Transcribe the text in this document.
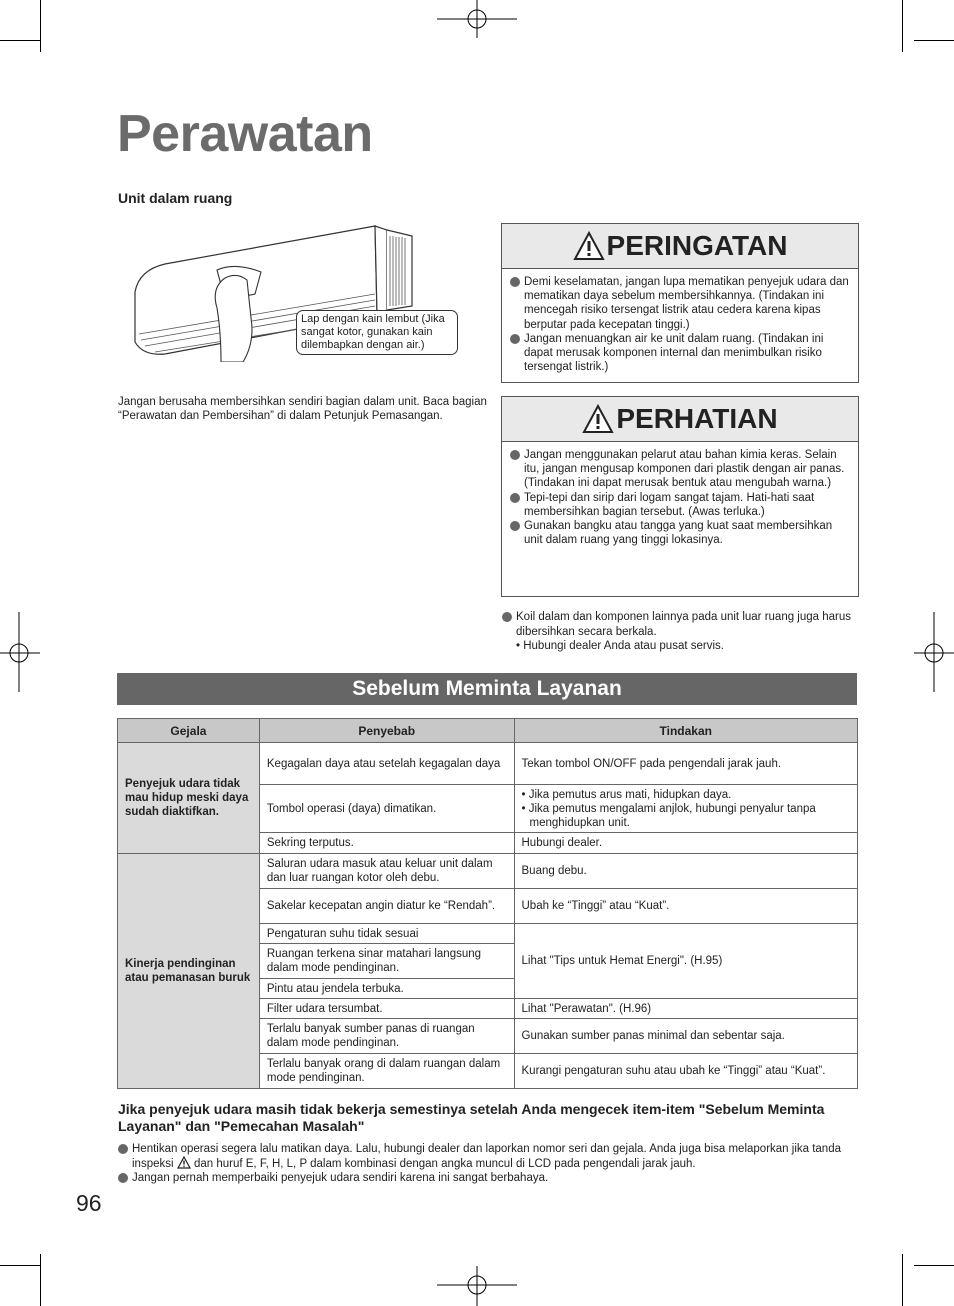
Perawatan
Unit dalam ruang
Lap dengan kain lembut (Jika sangat kotor, gunakan kain dilembapkan dengan air.)
Jangan berusaha membersihkan sendiri bagian dalam unit. Baca bagian “Perawatan dan Pembersihan” di dalam Petunjuk Pemasangan.
PERINGATAN
Demi keselamatan, jangan lupa mematikan penyejuk udara dan mematikan daya sebelum membersihkannya. (Tindakan ini mencegah risiko tersengat listrik atau cedera karena kipas berputar pada kecepatan tinggi.)
Jangan menuangkan air ke unit dalam ruang. (Tindakan ini dapat merusak komponen internal dan menimbulkan risiko tersengat listrik.)
PERHATIAN
Jangan menggunakan pelarut atau bahan kimia keras. Selain itu, jangan mengusap komponen dari plastik dengan air panas. (Tindakan ini dapat merusak bentuk atau mengubah warna.)
Tepi-tepi dan sirip dari logam sangat tajam. Hati-hati saat membersihkan bagian tersebut. (Awas terluka.)
Gunakan bangku atau tangga yang kuat saat membersihkan unit dalam ruang yang tinggi lokasinya.
Koil dalam dan komponen lainnya pada unit luar ruang juga harus dibersihkan secara berkala.
• Hubungi dealer Anda atau pusat servis.
Sebelum Meminta Layanan
Gejala	Penyebab	Tindakan
Penyejuk udara tidak mau hidup meski daya sudah diaktifkan.	Kegagalan daya atau setelah kegagalan daya	Tekan tombol ON/OFF pada pengendali jarak jauh.
	Tombol operasi (daya) dimatikan.	• Jika pemutus arus mati, hidupkan daya.
• Jika pemutus mengalami anjlok, hubungi penyalur tanpa menghidupkan unit.

	Sekring terputus.	Hubungi dealer.
Kinerja pendinginan atau pemanasan buruk	Saluran udara masuk atau keluar unit dalam dan luar ruangan kotor oleh debu.	Buang debu.
	Sakelar kecepatan angin diatur ke “Rendah”.	Ubah ke “Tinggi” atau “Kuat”.
	Pengaturan suhu tidak sesuai	Lihat "Tips untuk Hemat Energi". (H.95)
	Ruangan terkena sinar matahari langsung dalam mode pendinginan.	
	Pintu atau jendela terbuka.	
	Filter udara tersumbat.	Lihat "Perawatan". (H.96)
	Terlalu banyak sumber panas di ruangan dalam mode pendinginan.	Gunakan sumber panas minimal dan sebentar saja.
	Terlalu banyak orang di dalam ruangan dalam mode pendinginan.	Kurangi pengaturan suhu atau ubah ke “Tinggi” atau “Kuat”.
Jika penyejuk udara masih tidak bekerja semestinya setelah Anda mengecek item-item "Sebelum Meminta Layanan" dan "Pemecahan Masalah"
Hentikan operasi segera lalu matikan daya. Lalu, hubungi dealer dan laporkan nomor seri dan gejala. Anda juga bisa melaporkan jika tanda inspeksi dan huruf E, F, H, L, P dalam kombinasi dengan angka muncul di LCD pada pengendali jarak jauh.
Jangan pernah memperbaiki penyejuk udara sendiri karena ini sangat berbahaya.
96
